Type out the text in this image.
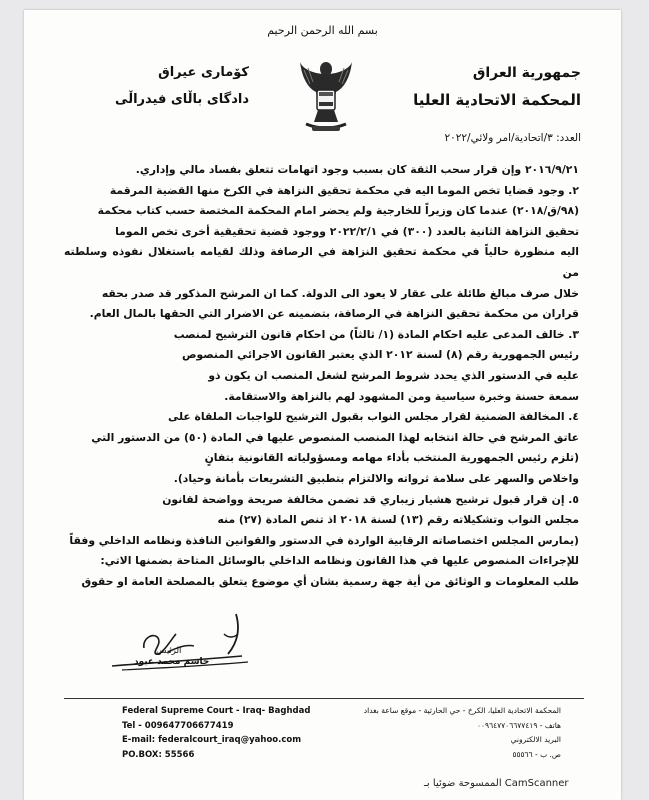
بسم الله الرحمن الرحيم
جمهورية العراق
المحكمة الاتحادية العليا
كۆماری عیراق
دادگای باڵای فیدراڵی
العدد: ٣/اتحادية/امر ولائي/٢٠٢٢

٢٠١٦/٩/٢١ وإن قرار سحب الثقة كان بسبب وجود اتهامات تتعلق بفساد مالي وإداري.

٢. وجود قضايا تخص الموما اليه في محكمة تحقيق النزاهة في الكرخ منها القضية المرقمة

(٩٨/ق/٢٠١٨) عندما كان وزيراً للخارجية ولم يحضر امام المحكمة المختصة حسب كتاب محكمة

تحقيق النزاهة الثانية بالعدد (٣٠٠) في ٢٠٢٢/٢/١ ووجود قضية تحقيقية أخرى تخص الموما

اليه منظورة حالياً في محكمة تحقيق النزاهة في الرصافة وذلك لقيامه باستغلال نفوذه وسلطته من

خلال صرف مبالغ طائلة على عقار لا يعود الى الدولة. كما ان المرشح المذكور قد صدر بحقه

قراران من محكمة تحقيق النزاهة في الرصافة، بتضمينه عن الاضرار التي الحقها بالمال العام.

٣. خالف المدعى عليه احكام المادة (١/ ثالثاً) من احكام قانون الترشيح لمنصب

رئيس الجمهورية رقم (٨) لسنة ٢٠١٢ الذي يعتبر القانون الاجرائي المنصوص

عليه في الدستور الذي يحدد شروط المرشح لشغل المنصب ان يكون ذو

سمعة حسنة وخبرة سياسية ومن المشهود لهم بالنزاهة والاستقامة.

٤. المخالفة الضمنية لقرار مجلس النواب بقبول الترشيح للواجبات الملقاة على

عاتق المرشح في حالة انتخابه لهذا المنصب المنصوص عليها في المادة (٥٠) من الدستور التي

(تلزم رئيس الجمهورية المنتخب بأداء مهامه ومسؤولياته القانونية بتفانٍ

واخلاص والسهر على سلامة ثرواته والالتزام بتطبيق التشريعات بأمانة وحياد).

٥. إن قرار قبول ترشيح هشيار زيباري قد تضمن مخالفة صريحة وواضحة لقانون

مجلس النواب وتشكيلاته رقم (١٣) لسنة ٢٠١٨ اذ تنص المادة (٢٧) منه

(يمارس المجلس اختصاصاته الرقابية الواردة في الدستور والقوانين النافذة ونظامه الداخلي وفقاً

للإجراءات المنصوص عليها في هذا القانون ونظامه الداخلي بالوسائل المتاحة بضمنها الاتي:

طلب المعلومات و الوثائق من أية جهة رسمية بشان أي موضوع يتعلق بالمصلحة العامة او حقوق

الرئيس
جاسم محمد عبود
Federal Supreme Court - Iraq- Baghdad
Tel - 009647706677419
E-mail: federalcourt_iraq@yahoo.com
PO.BOX: 55566
المحكمة الاتحادية العليا، الكرخ - حي الحارثية - موقع ساعة بغداد
هاتف - ٠٠٩٦٤٧٧٠٦٦٧٧٤١٩
البريد الالكتروني
ص. ب - ٥٥٥٦٦
الممسوحة ضوئيا بـ CamScanner
